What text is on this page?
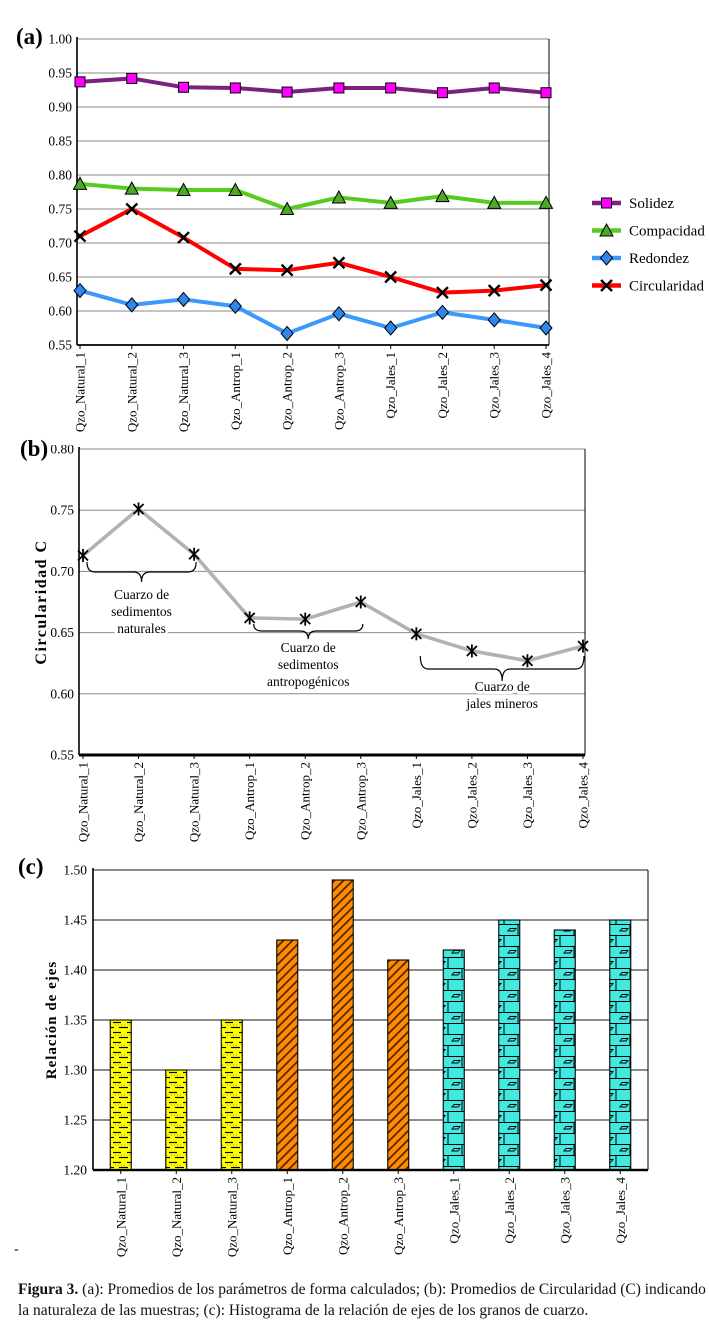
(a) 1.00
0.95
0.90
0.85
0.80
0.75
0.70
0.65
0.60
0.55
Qzo_Natural_1	Qzo_Natural_2	Qzo_Natural_3	Qzo_Antrop_1	Qzo_Antrop_2	Qzo_Antrop_3	Qzo_Jales_1	Qzo_Jales_2	Qzo_Jales_3	Qzo_Jales_4
Solidez
Compacidad
Redondez
Circularidad
(b) 0.80
0.75
0.70
0.65
0.60
0.55
Circularidad C	Cuarzo de
sedimentos
naturales
Cuarzo de
sedimentos
antropogénicos	Cuarzo de
jales mineros
Qzo_Natural_1	Qzo_Natural_2	Qzo_Natural_3	Qzo_Antrop_1	Qzo_Antrop_2	Qzo_Antrop_3	Qzo_Jales_1	Qzo_Jales_2	Qzo_Jales_3	Qzo_Jales_4
(c) 1.50
1.45
1.40
1.35
1.30
1.25
1.20
Relación de ejes
Qzo_Natural_1	Qzo_Natural_2	Qzo_Natural_3	Qzo_Antrop_1	Qzo_Antrop_2	Qzo_Antrop_3	Qzo_Jales_1	Qzo_Jales_2	Qzo_Jales_3	Qzo_Jales_4
-
Figura 3. (a): Promedios de los parámetros de forma calculados; (b): Promedios de Circularidad (C) indicando la naturaleza de las muestras; (c): Histograma de la relación de ejes de los granos de cuarzo.
